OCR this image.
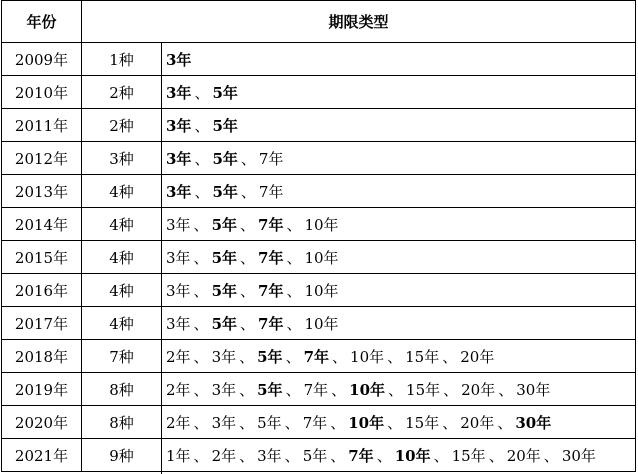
年份	期限类型	
2009年	1种	3年
2010年	2种	3年 、 5年
2011年	2种	3年 、 5年
2012年	3种	3年 、 5年 、 7年
2013年	4种	3年 、 5年 、 7年
2014年	4种	3年 、 5年 、 7年 、 10年
2015年	4种	3年 、 5年 、 7年 、 10年
2016年	4种	3年 、 5年 、 7年 、 10年
2017年	4种	3年 、 5年 、 7年 、 10年
2018年	7种	2年 、 3年 、 5年 、 7年 、 10年 、 15年 、 20年
2019年	8种	2年 、 3年 、 5年 、 7年 、 10年 、 15年 、 20年 、 30年
2020年	8种	2年 、 3年 、 5年 、 7年 、 10年 、 15年 、 20年 、 30年
2021年	9种	1年 、 2年 、 3年 、 5年 、 7年 、 10年 、 15年 、 20年 、 30年
